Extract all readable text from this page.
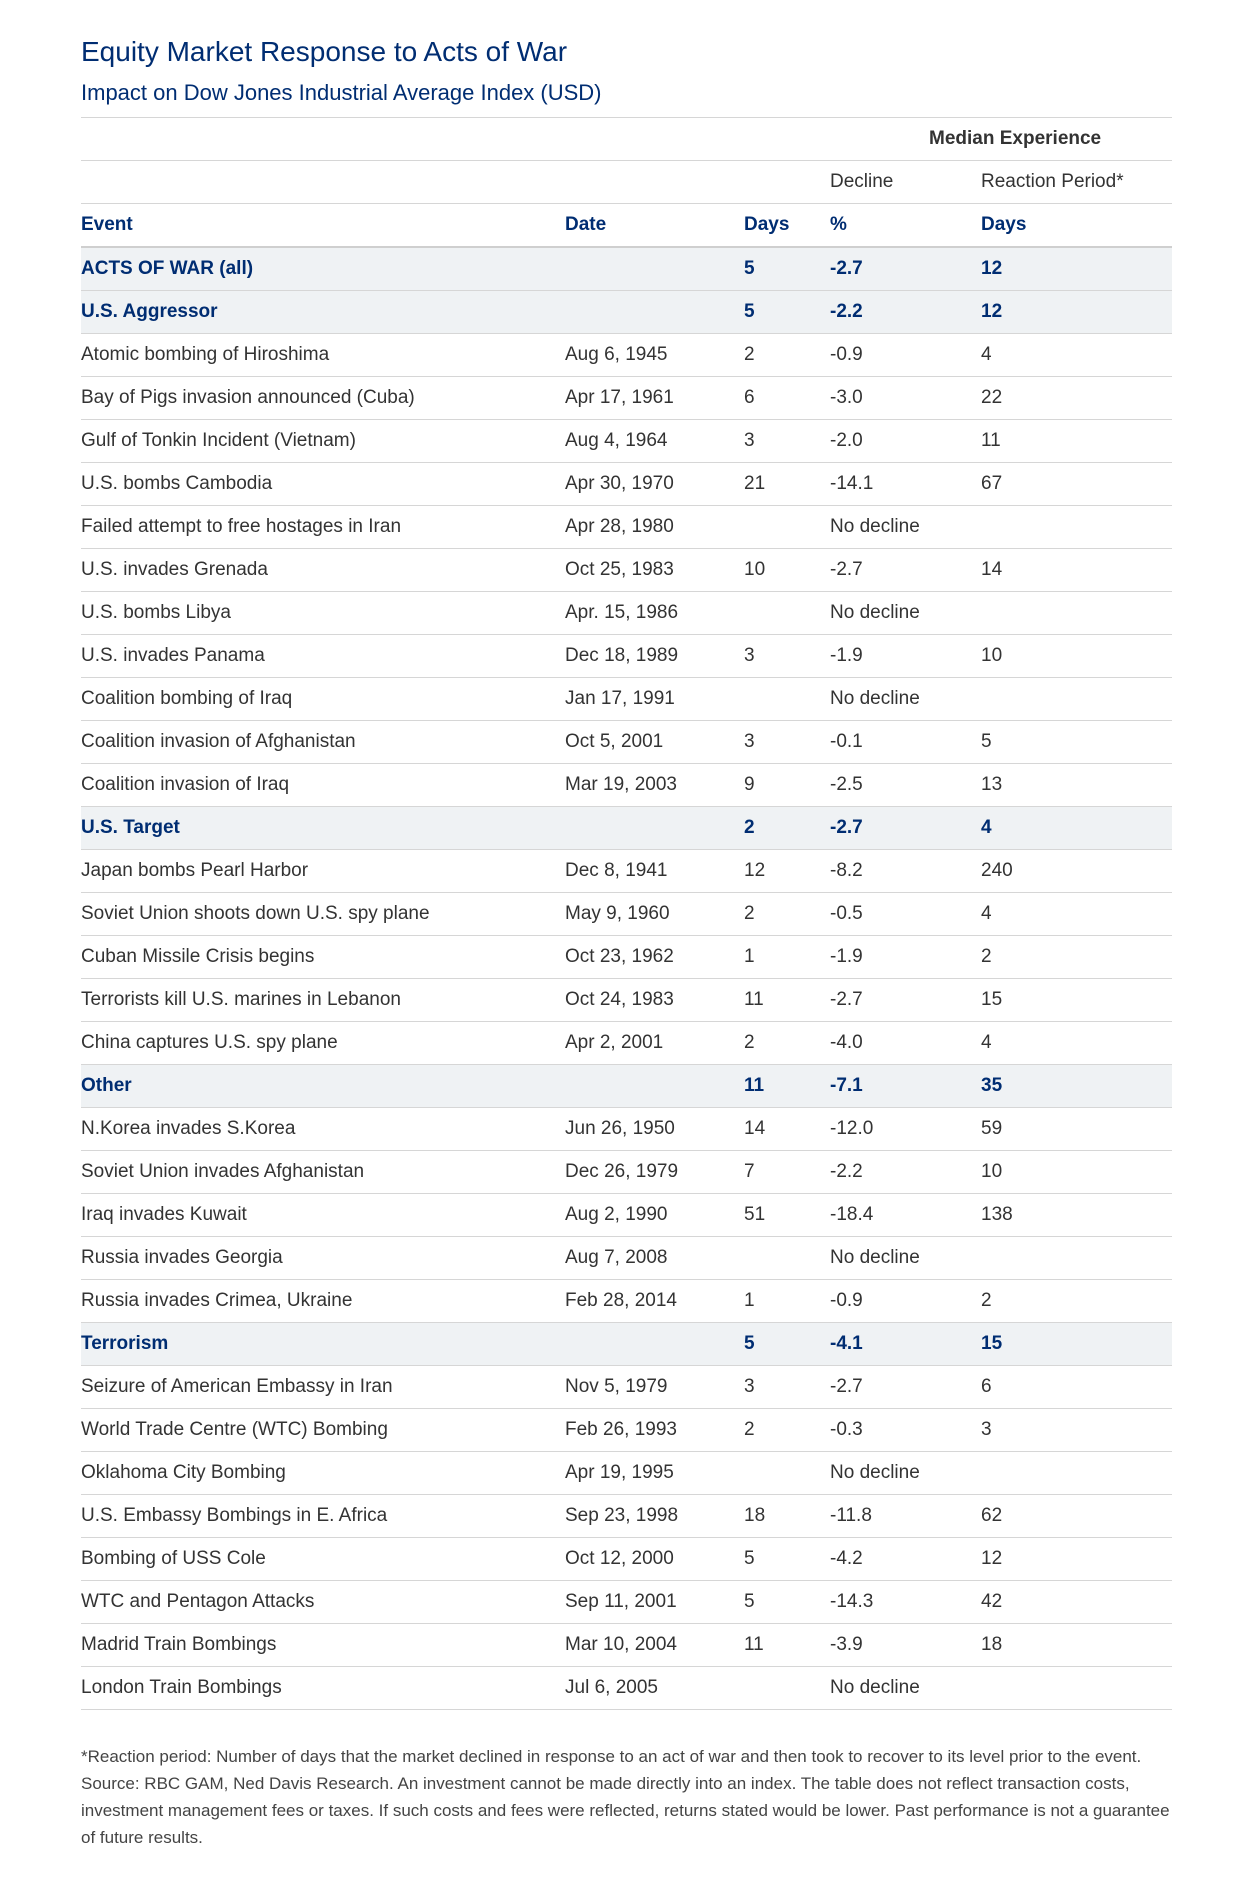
Equity Market Response to Acts of War
Impact on Dow Jones Industrial Average Index (USD)
			Median Experience	
			Decline	Reaction Period*
Event	Date	Days	%	Days
ACTS OF WAR (all)		5	-2.7	12
U.S. Aggressor		5	-2.2	12
Atomic bombing of Hiroshima	Aug 6, 1945	2	-0.9	4
Bay of Pigs invasion announced (Cuba)	Apr 17, 1961	6	-3.0	22
Gulf of Tonkin Incident (Vietnam)	Aug 4, 1964	3	-2.0	11
U.S. bombs Cambodia	Apr 30, 1970	21	-14.1	67
Failed attempt to free hostages in Iran	Apr 28, 1980		No decline	
U.S. invades Grenada	Oct 25, 1983	10	-2.7	14
U.S. bombs Libya	Apr. 15, 1986		No decline	
U.S. invades Panama	Dec 18, 1989	3	-1.9	10
Coalition bombing of Iraq	Jan 17, 1991		No decline	
Coalition invasion of Afghanistan	Oct 5, 2001	3	-0.1	5
Coalition invasion of Iraq	Mar 19, 2003	9	-2.5	13
U.S. Target		2	-2.7	4
Japan bombs Pearl Harbor	Dec 8, 1941	12	-8.2	240
Soviet Union shoots down U.S. spy plane	May 9, 1960	2	-0.5	4
Cuban Missile Crisis begins	Oct 23, 1962	1	-1.9	2
Terrorists kill U.S. marines in Lebanon	Oct 24, 1983	11	-2.7	15
China captures U.S. spy plane	Apr 2, 2001	2	-4.0	4
Other		11	-7.1	35
N.Korea invades S.Korea	Jun 26, 1950	14	-12.0	59
Soviet Union invades Afghanistan	Dec 26, 1979	7	-2.2	10
Iraq invades Kuwait	Aug 2, 1990	51	-18.4	138
Russia invades Georgia	Aug 7, 2008		No decline	
Russia invades Crimea, Ukraine	Feb 28, 2014	1	-0.9	2
Terrorism		5	-4.1	15
Seizure of American Embassy in Iran	Nov 5, 1979	3	-2.7	6
World Trade Centre (WTC) Bombing	Feb 26, 1993	2	-0.3	3
Oklahoma City Bombing	Apr 19, 1995		No decline	
U.S. Embassy Bombings in E. Africa	Sep 23, 1998	18	-11.8	62
Bombing of USS Cole	Oct 12, 2000	5	-4.2	12
WTC and Pentagon Attacks	Sep 11, 2001	5	-14.3	42
Madrid Train Bombings	Mar 10, 2004	11	-3.9	18
London Train Bombings	Jul 6, 2005		No decline	

*Reaction period: Number of days that the market declined in response to an act of war and then took to recover to its level prior to the event. Source: RBC GAM, Ned Davis Research. An investment cannot be made directly into an index. The table does not reflect transaction costs, investment management fees or taxes. If such costs and fees were reflected, returns stated would be lower. Past performance is not a guarantee of future results.
